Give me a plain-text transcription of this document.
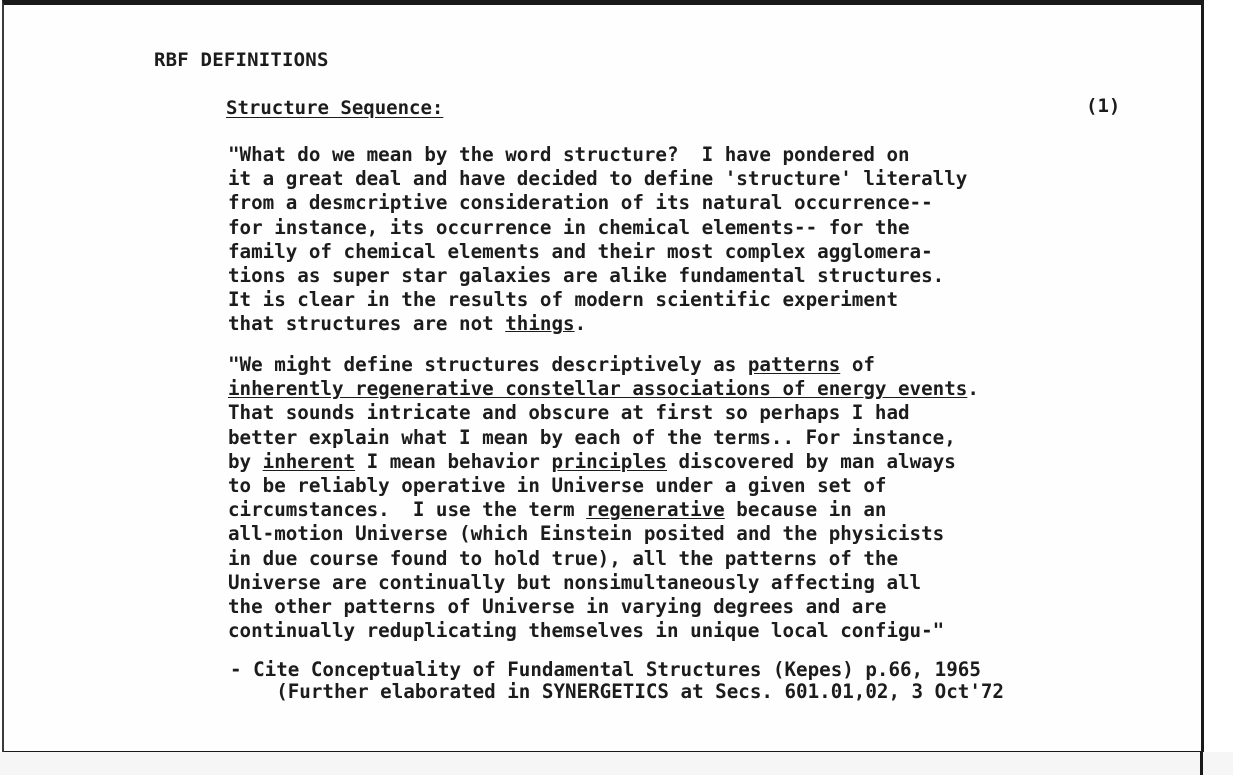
RBF DEFINITIONS
Structure Sequence:	(1)
"What do we mean by the word structure?  I have pondered on
it a great deal and have decided to define 'structure' literally
from a desmcriptive consideration of its natural occurrence--
for instance, its occurrence in chemical elements-- for the
family of chemical elements and their most complex agglomera-
tions as super star galaxies are alike fundamental structures.
It is clear in the results of modern scientific experiment
that structures are not things.
"We might define structures descriptively as patterns of
inherently regenerative constellar associations of energy events.
That sounds intricate and obscure at first so perhaps I had
better explain what I mean by each of the terms.. For instance,
by inherent I mean behavior principles discovered by man always
to be reliably operative in Universe under a given set of
circumstances.  I use the term regenerative because in an
all-motion Universe (which Einstein posited and the physicists
in due course found to hold true), all the patterns of the
Universe are continually but nonsimultaneously affecting all
the other patterns of Universe in varying degrees and are
continually reduplicating themselves in unique local configu-"
- Cite Conceptuality of Fundamental Structures (Kepes) p.66, 1965
(Further elaborated in SYNERGETICS at Secs. 601.01,02, 3 Oct'72
